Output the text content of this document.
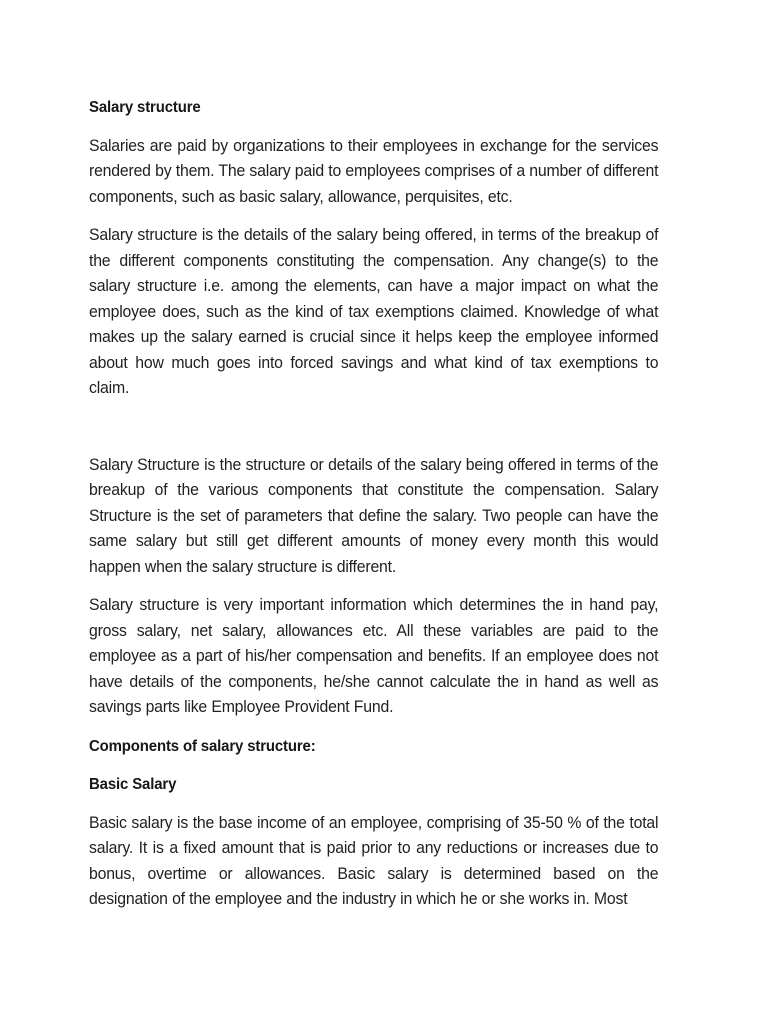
Salary structure

Salaries are paid by organizations to their employees in exchange for the services rendered by them. The salary paid to employees comprises of a number of different components, such as basic salary, allowance, perquisites, etc.

Salary structure is the details of the salary being offered, in terms of the breakup of the different components constituting the compensation. Any change(s) to the salary structure i.e. among the elements, can have a major impact on what the employee does, such as the kind of tax exemptions claimed. Knowledge of what makes up the salary earned is crucial since it helps keep the employee informed about how much goes into forced savings and what kind of tax exemptions to claim.

Salary Structure is the structure or details of the salary being offered in terms of the breakup of the various components that constitute the compensation. Salary Structure is the set of parameters that define the salary. Two people can have the same salary but still get different amounts of money every month this would happen when the salary structure is different.

Salary structure is very important information which determines the in hand pay, gross salary, net salary, allowances etc. All these variables are paid to the employee as a part of his/her compensation and benefits. If an employee does not have details of the components, he/she cannot calculate the in hand as well as savings parts like Employee Provident Fund.

Components of salary structure:
Basic Salary

Basic salary is the base income of an employee, comprising of 35-50 % of the total salary. It is a fixed amount that is paid prior to any reductions or increases due to bonus, overtime or allowances. Basic salary is determined based on the designation of the employee and the industry in which he or she works in. Most
